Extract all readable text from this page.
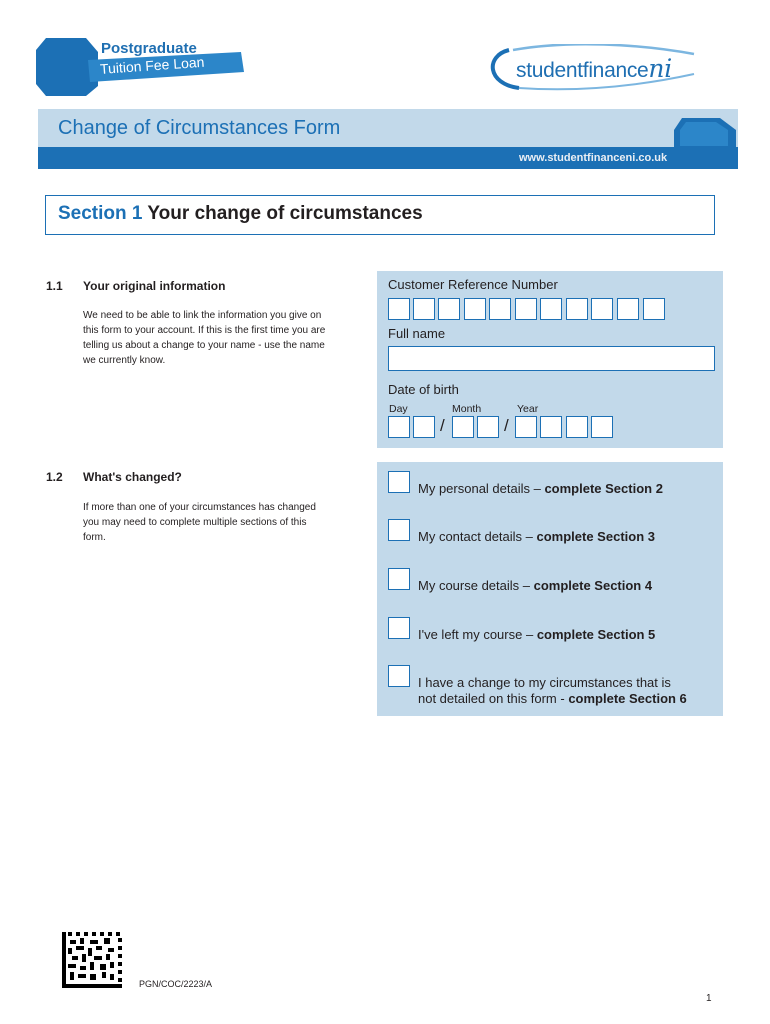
Postgraduate
Tuition Fee Loan	studentfinanceni
Change of Circumstances Form
www.studentfinanceni.co.uk
Section 1 Your change of circumstances
1.1 Your original information
We need to be able to link the information you give on this form to your account. If this is the first time you are telling us about a change to your name - use the name we currently know.
Customer Reference Number
Full name
Date of birth
Day	Month	Year
/	/
1.2 What's changed?
If more than one of your circumstances has changed you may need to complete multiple sections of this form.
My personal details – complete Section 2
My contact details – complete Section 3
My course details – complete Section 4
I've left my course – complete Section 5
I have a change to my circumstances that is
not detailed on this form - complete Section 6
PGN/COC/2223/A
1
